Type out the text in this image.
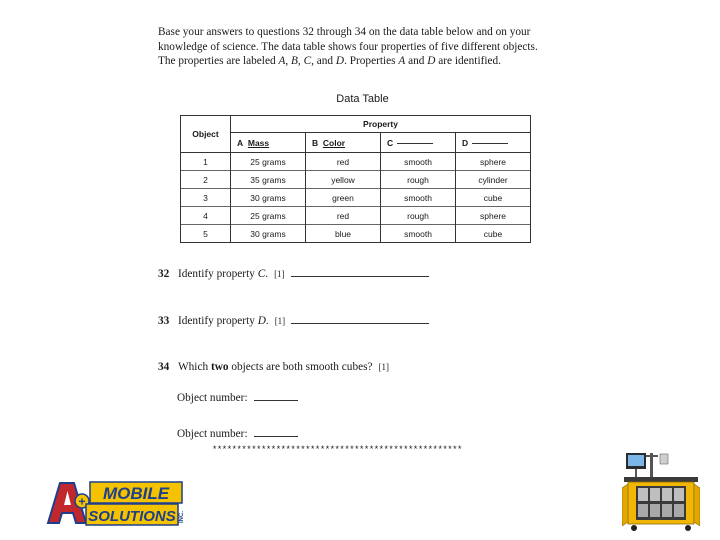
Base your answers to questions 32 through 34 on the data table below and on your knowledge of science. The data table shows four properties of five different objects. The properties are labeled A, B, C, and D. Properties A and D are identified.

Data Table
Object	Property			
	A Mass	B Color	C	D
1	25 grams	red	smooth	sphere
2	35 grams	yellow	rough	cylinder
3	30 grams	green	smooth	cube
4	25 grams	red	rough	sphere
5	30 grams	blue	smooth	cube
32 Identify property C. [1]
33 Identify property D. [1]
34 Which two objects are both smooth cubes? [1]
Object number:
Object number:
***************************************************
+ MOBILE
SOLUTIONS INC.
